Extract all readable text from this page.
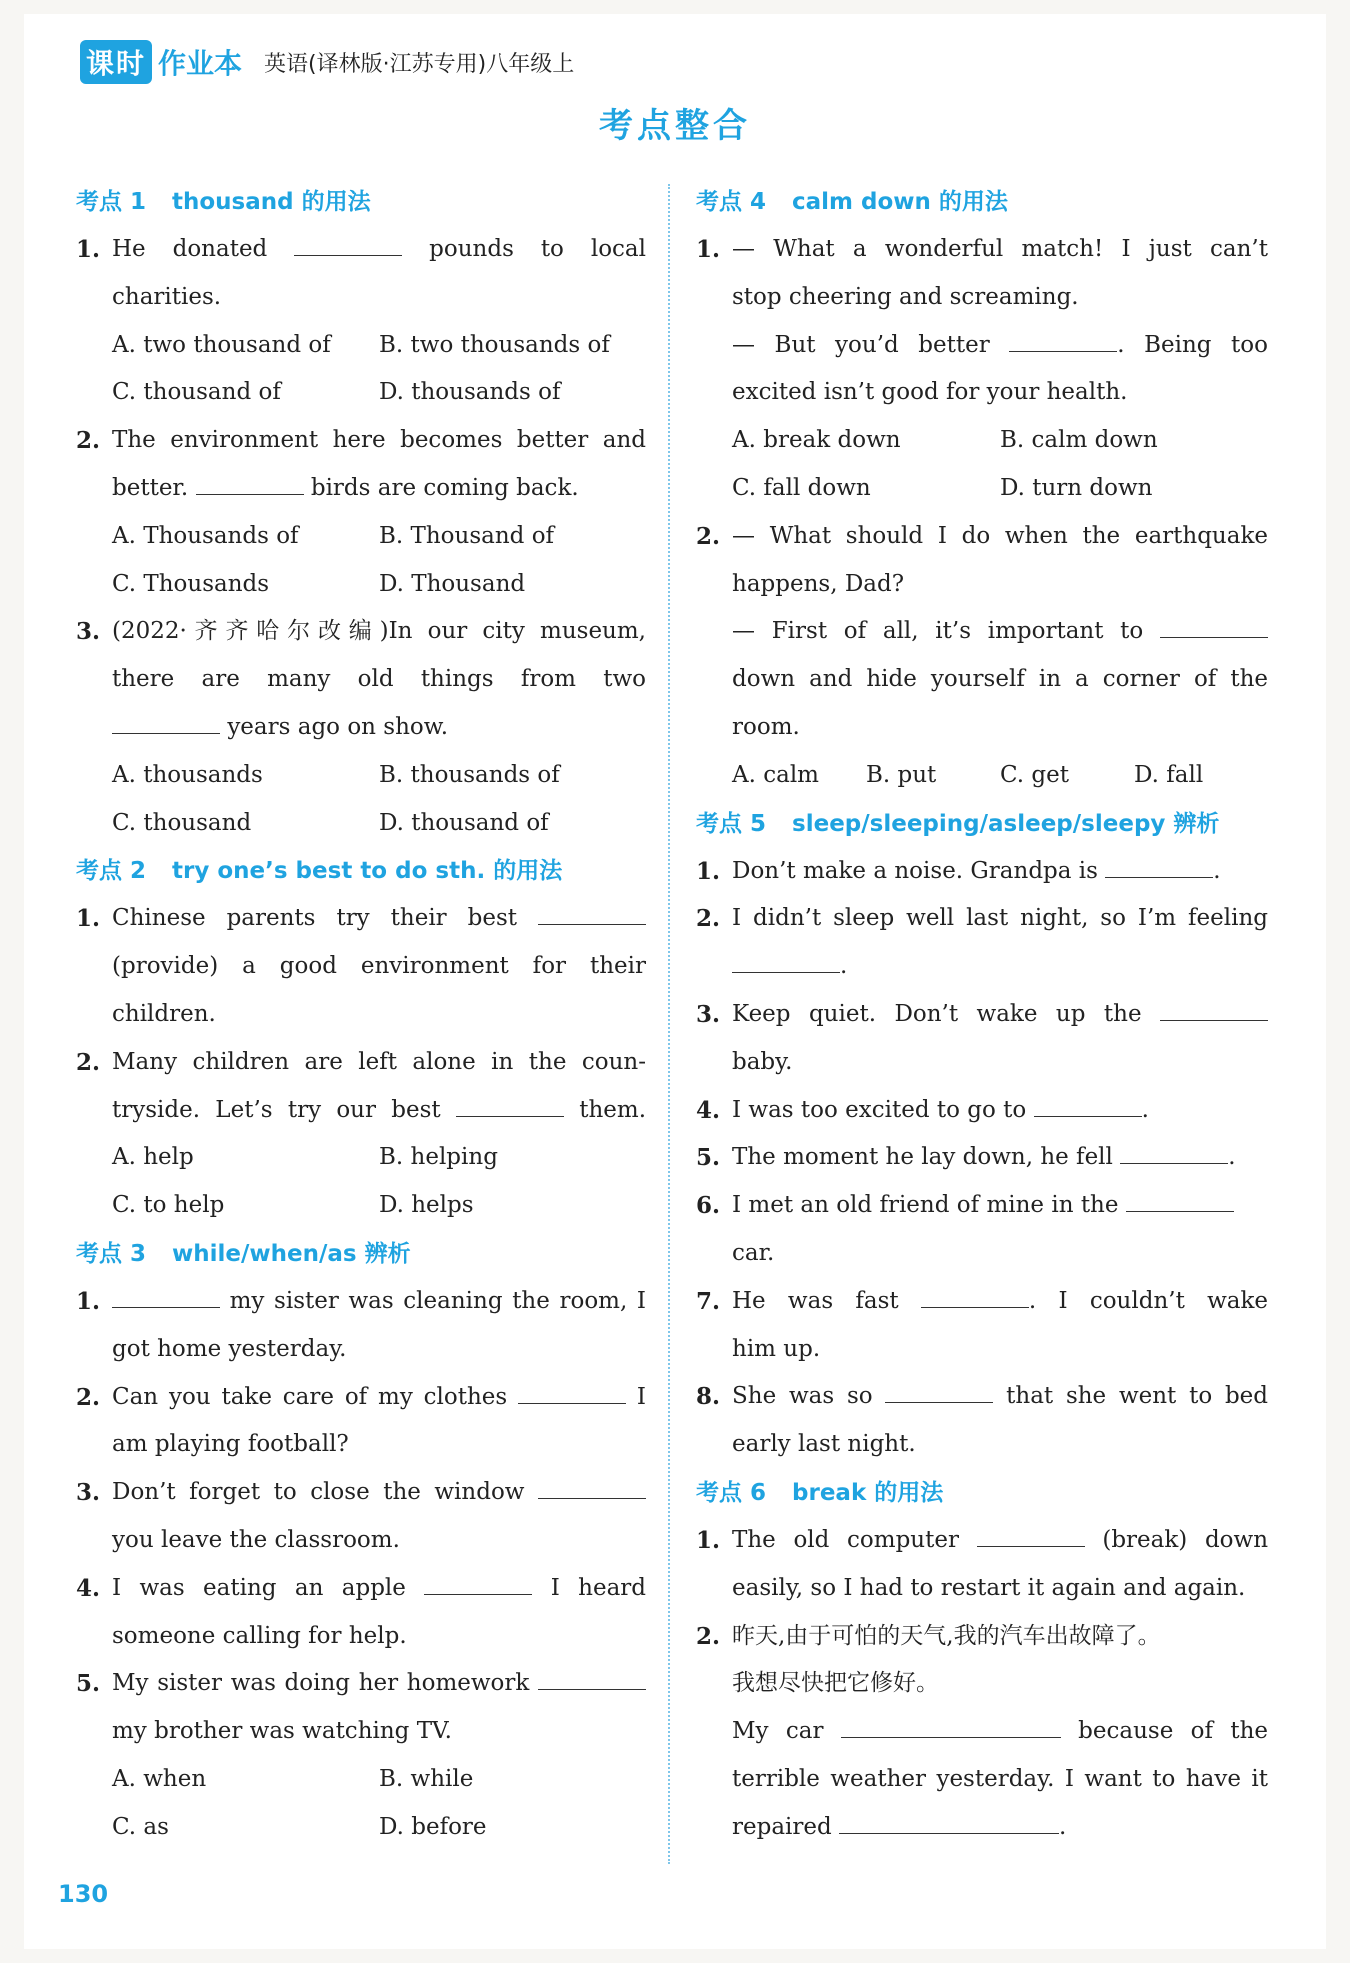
课时 作业本 英语(译林版·江苏专用)八年级上
考点整合
考点 1 thousand 的用法
1. He donated	pounds to local
charities.
A. two thousand of	B. two thousands of
C. thousand of	D. thousands of
2. The environment here becomes better and
better.	birds are coming back.
A. Thousands of	B. Thousand of
C. Thousands	D. Thousand
3. (2022·齐齐哈尔改编)In our city museum,
there are many old things from two
years ago on show.
A. thousands	B. thousands of
C. thousand	D. thousand of
考点 2 try one’s best to do sth. 的用法
1. Chinese parents try their best
(provide) a good environment for their
children.
2. Many children are left alone in the coun-
tryside. Let’s try our best	them.
A. help	B. helping
C. to help	D. helps
考点 3 while/when/as 辨析
1.	my sister was cleaning the room, I
got home yesterday.
2. Can you take care of my clothes	I
am playing football?
3. Don’t forget to close the window
you leave the classroom.
4. I was eating an apple	I heard
someone calling for help.
5. My sister was doing her homework
my brother was watching TV.
A. when	B. while
C. as	D. before
考点 4 calm down 的用法
1. — What a wonderful match! I just can’t
stop cheering and screaming.
— But you’d better	. Being too
excited isn’t good for your health.
A. break down	B. calm down
C. fall down	D. turn down
2. — What should I do when the earthquake
happens, Dad?
— First of all, it’s important to
down and hide yourself in a corner of the
room.
A. calm	B. put	C. get	D. fall
考点 5 sleep/sleeping/asleep/sleepy 辨析
1. Don’t make a noise. Grandpa is	.
2. I didn’t sleep well last night, so I’m feeling
.
3. Keep quiet. Don’t wake up the
baby.
4. I was too excited to go to	.
5. The moment he lay down, he fell	.
6. I met an old friend of mine in the
car.
7. He was fast	. I couldn’t wake
him up.
8. She was so	that she went to bed
early last night.
考点 6 break 的用法
1. The old computer	(break) down
easily, so I had to restart it again and again.
2. 昨天,由于可怕的天气,我的汽车出故障了。
我想尽快把它修好。
My car	because of the
terrible weather yesterday. I want to have it
repaired	.
130
